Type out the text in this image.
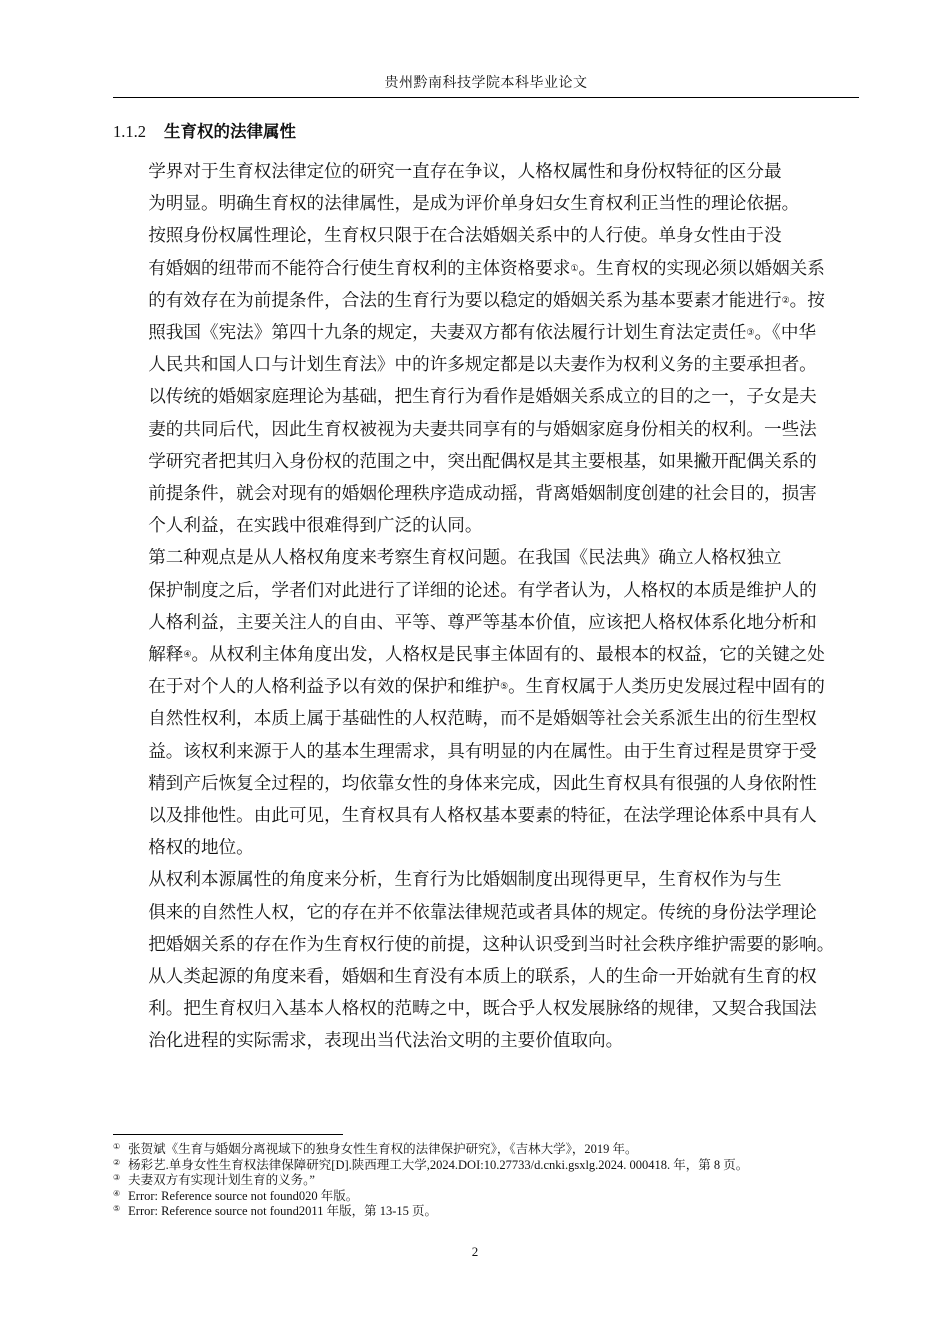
贵州黔南科技学院本科毕业论文
1.1.2 生育权的法律属性

学界对于生育权法律定位的研究一直存在争议，人格权属性和身份权特征的区分最
为明显。明确生育权的法律属性，是成为评价单身妇女生育权利正当性的理论依据。

按照身份权属性理论，生育权只限于在合法婚姻关系中的人行使。单身女性由于没
有婚姻的纽带而不能符合行使生育权利的主体资格要求①。生育权的实现必须以婚姻关系
的有效存在为前提条件，合法的生育行为要以稳定的婚姻关系为基本要素才能进行②。按
照我国《宪法》第四十九条的规定，夫妻双方都有依法履行计划生育法定责任③。《中华
人民共和国人口与计划生育法》中的许多规定都是以夫妻作为权利义务的主要承担者。
以传统的婚姻家庭理论为基础，把生育行为看作是婚姻关系成立的目的之一，子女是夫
妻的共同后代，因此生育权被视为夫妻共同享有的与婚姻家庭身份相关的权利。一些法
学研究者把其归入身份权的范围之中，突出配偶权是其主要根基，如果撇开配偶关系的
前提条件，就会对现有的婚姻伦理秩序造成动摇，背离婚姻制度创建的社会目的，损害
个人利益，在实践中很难得到广泛的认同。

第二种观点是从人格权角度来考察生育权问题。在我国《民法典》确立人格权独立
保护制度之后，学者们对此进行了详细的论述。有学者认为，人格权的本质是维护人的
人格利益，主要关注人的自由、平等、尊严等基本价值，应该把人格权体系化地分析和
解释④。从权利主体角度出发，人格权是民事主体固有的、最根本的权益，它的关键之处
在于对个人的人格利益予以有效的保护和维护⑤。生育权属于人类历史发展过程中固有的
自然性权利，本质上属于基础性的人权范畴，而不是婚姻等社会关系派生出的衍生型权
益。该权利来源于人的基本生理需求，具有明显的内在属性。由于生育过程是贯穿于受
精到产后恢复全过程的，均依靠女性的身体来完成，因此生育权具有很强的人身依附性
以及排他性。由此可见，生育权具有人格权基本要素的特征，在法学理论体系中具有人
格权的地位。

从权利本源属性的角度来分析，生育行为比婚姻制度出现得更早，生育权作为与生
俱来的自然性人权，它的存在并不依靠法律规范或者具体的规定。传统的身份法学理论
把婚姻关系的存在作为生育权行使的前提，这种认识受到当时社会秩序维护需要的影响。
从人类起源的角度来看，婚姻和生育没有本质上的联系，人的生命一开始就有生育的权
利。把生育权归入基本人格权的范畴之中，既合乎人权发展脉络的规律，又契合我国法
治化进程的实际需求，表现出当代法治文明的主要价值取向。

① 张贺斌《生育与婚姻分离视域下的独身女性生育权的法律保护研究》，《吉林大学》，2019 年。
② 杨彩艺.单身女性生育权法律保障研究[D].陕西理工大学,2024.DOI:10.27733/d.cnki.gsxlg.2024. 000418. 年，第 8 页。
③ 夫妻双方有实现计划生育的义务。”
④ Error: Reference source not found020 年版。
⑤ Error: Reference source not found2011 年版，第 13-15 页。
2
